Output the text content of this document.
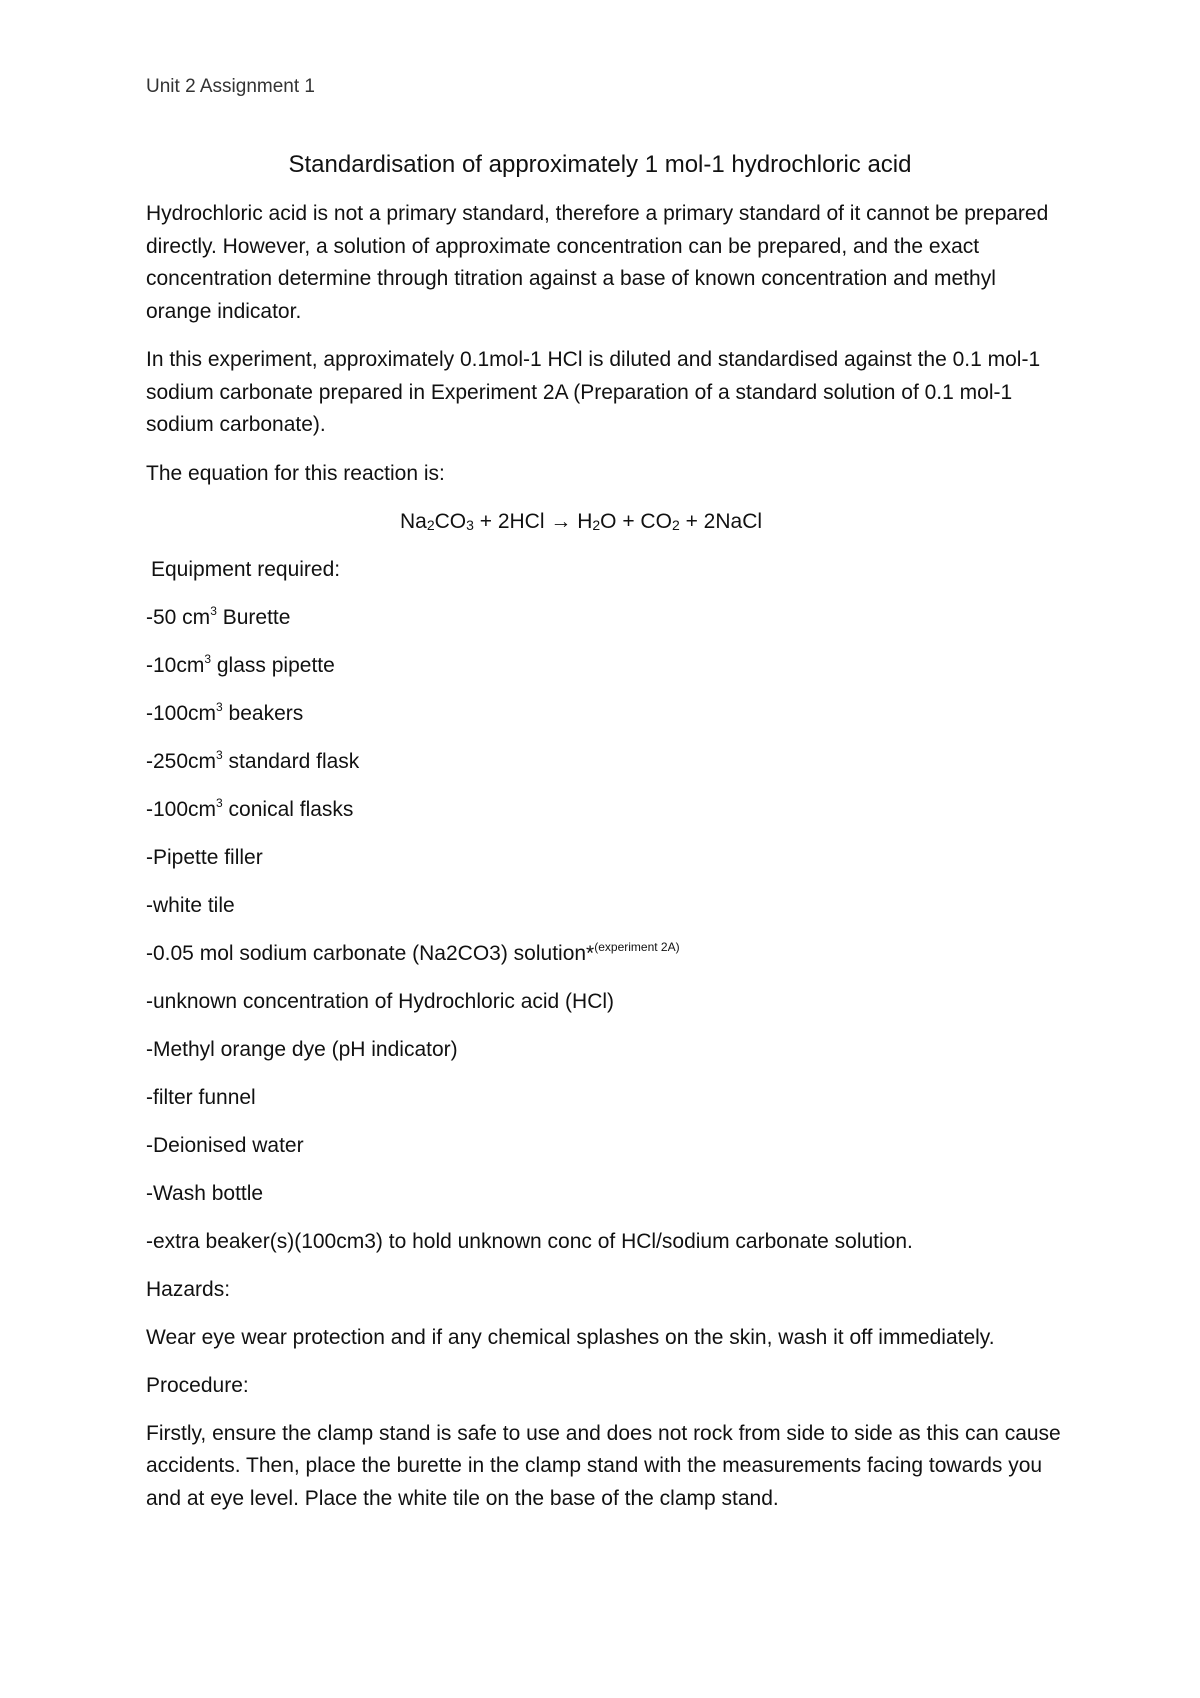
Unit 2 Assignment 1
Standardisation of approximately 1 mol-1 hydrochloric acid

Hydrochloric acid is not a primary standard, therefore a primary standard of it cannot be prepared directly. However, a solution of approximate concentration can be prepared, and the exact concentration determine through titration against a base of known concentration and methyl orange indicator.

In this experiment, approximately 0.1mol-1 HCl is diluted and standardised against the 0.1 mol-1 sodium carbonate prepared in Experiment 2A (Preparation of a standard solution of 0.1 mol-1 sodium carbonate).

The equation for this reaction is:

$Na_2CO_3 + 2HCl \to H_2O + CO_2$ + 2NaCl

Equipment required:

-50 $cm^3$ Burette

$-10cm^3$ glass pipette

$-100cm^3$ beakers

$-250cm^3$ standard flask

$-100cm^3$ conical flasks

-Pipette filler

-white tile

-0.05 mol sodium carbonate (Na2CO3) solution*$^{(experiment 2A)}$

-unknown concentration of Hydrochloric acid (HCl)

-Methyl orange dye (pH indicator)

-filter funnel

-Deionised water

-Wash bottle

-extra beaker(s)(100cm3) to hold unknown conc of HCl/sodium carbonate solution.

Hazards:

Wear eye wear protection and if any chemical splashes on the skin, wash it off immediately.

Procedure:

Firstly, ensure the clamp stand is safe to use and does not rock from side to side as this can cause accidents. Then, place the burette in the clamp stand with the measurements facing towards you and at eye level. Place the white tile on the base of the clamp stand.
